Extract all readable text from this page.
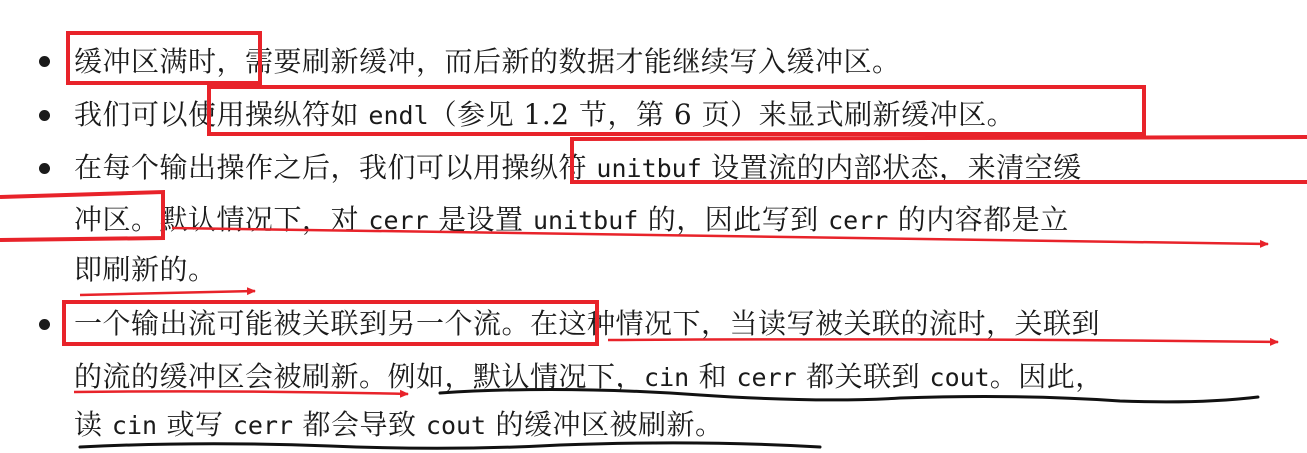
缓冲区满时，需要刷新缓冲，而后新的数据才能继续写入缓冲区。
我们可以使用操纵符如 endl（参见 1.2 节，第 6 页）来显式刷新缓冲区。
在每个输出操作之后，我们可以用操纵符 unitbuf 设置流的内部状态，来清空缓
冲区。默认情况下，对 cerr 是设置 unitbuf 的，因此写到 cerr 的内容都是立
即刷新的。
一个输出流可能被关联到另一个流。在这种情况下，当读写被关联的流时，关联到
的流的缓冲区会被刷新。例如，默认情况下，cin 和 cerr 都关联到 cout。因此，
读 cin 或写 cerr 都会导致 cout 的缓冲区被刷新。
